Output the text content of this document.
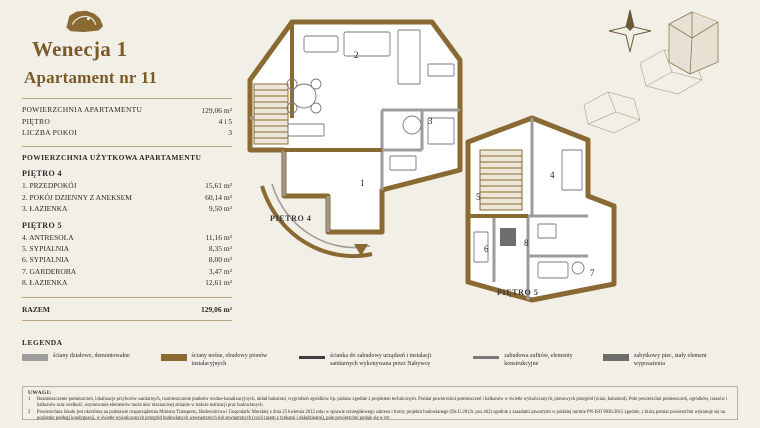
Wenecja 1
Apartament nr 11
POWIERZCHNIA APARTAMENTU	129,06 m²
PIĘTRO	4 i 5
LICZBA POKOI	3
POWIERZCHNIA UŻYTKOWA APARTAMENTU
PIĘTRO 4
1. PRZEDPOKÓJ	15,61 m²
2. POKÓJ DZIENNY Z ANEKSEM	60,14 m²
3. ŁAZIENKA	9,50 m²
PIĘTRO 5
4. ANTRESOLA	11,16 m²
5. SYPIALNIA	8,35 m²
6. SYPIALNIA	8,00 m²
7. GARDEROBA	3,47 m²
8. ŁAZIENKA	12,61 m²
RAZEM	129,06 m²
1
2
3
4
5
6
7
8
PIĘTRO 4
PIĘTRO 5
LEGENDA
ściany działowe, demontowalne	ściany nośne, obudowy pionów instalacyjnych
ścianka do zabudowy urządzeń i instalacji sanitarnych wykonywana przez Nabywcę
zabudowa sufitów, elementy konstrukcyjne
zabytkowy piec, stały element wyposażenia
UWAGI:
1	Rozmieszczenie pomieszczeń, lokalizacje przyborów sanitarnych, rozmieszczenie punktów wodno-kanalizacyjnych, układ balustrad, wygrodzeń ogródków itp. podano zgodnie z projektem technicznym. Pomiar powierzchni pomieszczeń i balkonów w świetle wykończonych, pionowych przegród (ścian, balustrad). Pole powierzchni pomieszczeń, ogródków, tarasów i balkonów oraz wielkość, usytuowanie elementów może ulec nieznacznej zmianie w trakcie realizacji prac budowlanych.
2	Powierzchnia lokalu jest określona na podstawie rozporządzenia Ministra Transportu, Budownictwa i Gospodarki Morskiej z dnia 25 kwietnia 2012 roku w sprawie szczegółowego zakresu i formy projektu budowlanego (Dz.U.2012r. poz.462) zgodnie z zasadami zawartymi w polskiej normie PN-ISO 9836:2015 zgodnie, z którą pomiar powierzchni wykonuje się na poziomie podłogi kondygnacji, w świetle wykończonych przegród budowlanych wewnętrznych lub zewnętrznych (czyli razem z tynkami i okładzinami), pole powierzchni podaje się w m².
